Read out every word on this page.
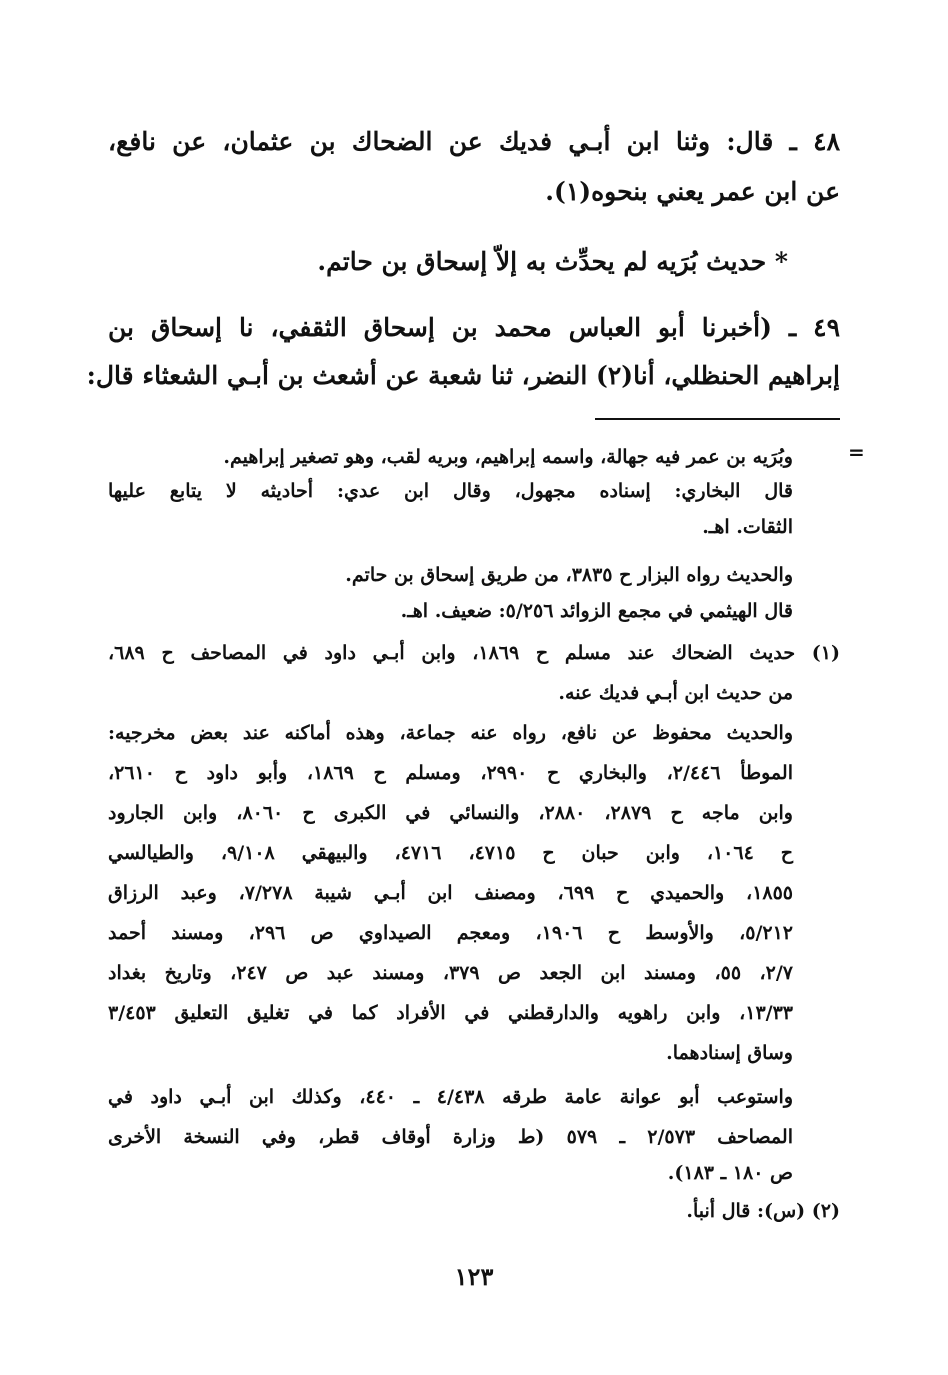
٤٨ ـ قال: وثنا ابن أبـي فديك عن الضحاك بن عثمان، عن نافع،
عن ابن عمر يعني بنحوه(١).
* حديث بُرَيه لم يحدِّث به إلاّ إسحاق بن حاتم.
٤٩ ـ (أخبرنا أبو العباس محمد بن إسحاق الثقفي، نا إسحاق بن
إبراهيم الحنظلي، أنا(٢) النضر، ثنا شعبة عن أشعث بن أبـي الشعثاء قال:
=
وبُرَيه بن عمر فيه جهالة، واسمه إبراهيم، وبريه لقب، وهو تصغير إبراهيم.
قال البخاري: إسناده مجهول، وقال ابن عدي: أحاديثه لا يتابع عليها
الثقات. اهـ.
والحديث رواه البزار ح ٣٨٣٥، من طريق إسحاق بن حاتم.
قال الهيثمي في مجمع الزوائد ٥/٢٥٦: ضعيف. اهـ.
(١) حديث الضحاك عند مسلم ح ١٨٦٩، وابن أبـي داود في المصاحف ح ٦٨٩،
من حديث ابن أبـي فديك عنه.
والحديث محفوظ عن نافع، رواه عنه جماعة، وهذه أماكنه عند بعض مخرجيه:
الموطأ ٢/٤٤٦، والبخاري ح ٢٩٩٠، ومسلم ح ١٨٦٩، وأبو داود ح ٢٦١٠،
وابن ماجه ح ٢٨٧٩، ٢٨٨٠، والنسائي في الكبرى ح ٨٠٦٠، وابن الجارود
ح ١٠٦٤، وابن حبان ح ٤٧١٥، ٤٧١٦، والبيهقي ٩/١٠٨، والطيالسي
١٨٥٥، والحميدي ح ٦٩٩، ومصنف ابن أبـي شيبة ٧/٢٧٨، وعبد الرزاق
٥/٢١٢، والأوسط ح ١٩٠٦، ومعجم الصيداوي ص ٢٩٦، ومسند أحمد
٢/٧، ٥٥، ومسند ابن الجعد ص ٣٧٩، ومسند عبد ص ٢٤٧، وتاريخ بغداد
١٣/٣٣، وابن راهويه والدارقطني في الأفراد كما في تغليق التعليق ٣/٤٥٣
وساق إسنادهما.
واستوعب أبو عوانة عامة طرقه ٤/٤٣٨ ـ ٤٤٠، وكذلك ابن أبـي داود في
المصاحف ٢/٥٧٣ ـ ٥٧٩ (ط وزارة أوقاف قطر، وفي النسخة الأخرى
ص ١٨٠ ـ ١٨٣).
(٢) (س): قال أنبأ.
١٢٣
